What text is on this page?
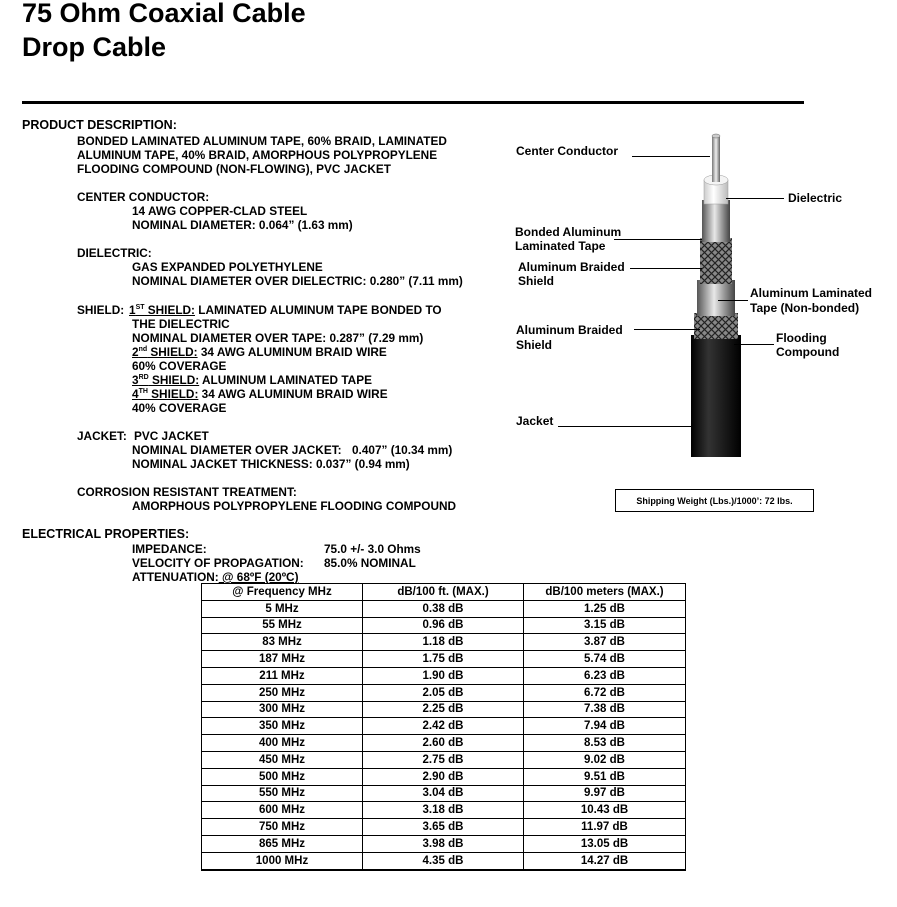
75 Ohm Coaxial Cable
Drop Cable
PRODUCT DESCRIPTION:
BONDED LAMINATED ALUMINUM TAPE, 60% BRAID, LAMINATED
ALUMINUM TAPE, 40% BRAID, AMORPHOUS POLYPROPYLENE
FLOODING COMPOUND (NON-FLOWING), PVC JACKET
CENTER CONDUCTOR:
14 AWG COPPER-CLAD STEEL
NOMINAL DIAMETER: 0.064” (1.63 mm)
DIELECTRIC:
GAS EXPANDED POLYETHYLENE
NOMINAL DIAMETER OVER DIELECTRIC: 0.280” (7.11 mm)
SHIELD: 1ST SHIELD: LAMINATED ALUMINUM TAPE BONDED TO
THE DIELECTRIC
NOMINAL DIAMETER OVER TAPE: 0.287” (7.29 mm)
2nd SHIELD: 34 AWG ALUMINUM BRAID WIRE
60% COVERAGE
3RD SHIELD: ALUMINUM LAMINATED TAPE
4TH SHIELD: 34 AWG ALUMINUM BRAID WIRE
40% COVERAGE
JACKET: PVC JACKET
NOMINAL DIAMETER OVER JACKET: 0.407” (10.34 mm)
NOMINAL JACKET THICKNESS: 0.037” (0.94 mm)
CORROSION RESISTANT TREATMENT:
AMORPHOUS POLYPROPYLENE FLOODING COMPOUND
ELECTRICAL PROPERTIES:
IMPEDANCE:	75.0 +/- 3.0 Ohms
VELOCITY OF PROPAGATION: 85.0% NOMINAL
ATTENUATION: @ 68ºF (20ºC)
Center Conductor
Dielectric
Bonded Aluminum
Laminated Tape
Aluminum Braided
Shield
Aluminum Laminated
Tape (Non-bonded)
Aluminum Braided
Shield	Flooding
Compound
Jacket
Shipping Weight (Lbs.)/1000’: 72 lbs.
@ Frequency MHz	dB/100 ft. (MAX.)	dB/100 meters (MAX.)
5 MHz	0.38 dB	1.25 dB
55 MHz	0.96 dB	3.15 dB
83 MHz	1.18 dB	3.87 dB
187 MHz	1.75 dB	5.74 dB
211 MHz	1.90 dB	6.23 dB
250 MHz	2.05 dB	6.72 dB
300 MHz	2.25 dB	7.38 dB
350 MHz	2.42 dB	7.94 dB
400 MHz	2.60 dB	8.53 dB
450 MHz	2.75 dB	9.02 dB
500 MHz	2.90 dB	9.51 dB
550 MHz	3.04 dB	9.97 dB
600 MHz	3.18 dB	10.43 dB
750 MHz	3.65 dB	11.97 dB
865 MHz	3.98 dB	13.05 dB
1000 MHz	4.35 dB	14.27 dB
